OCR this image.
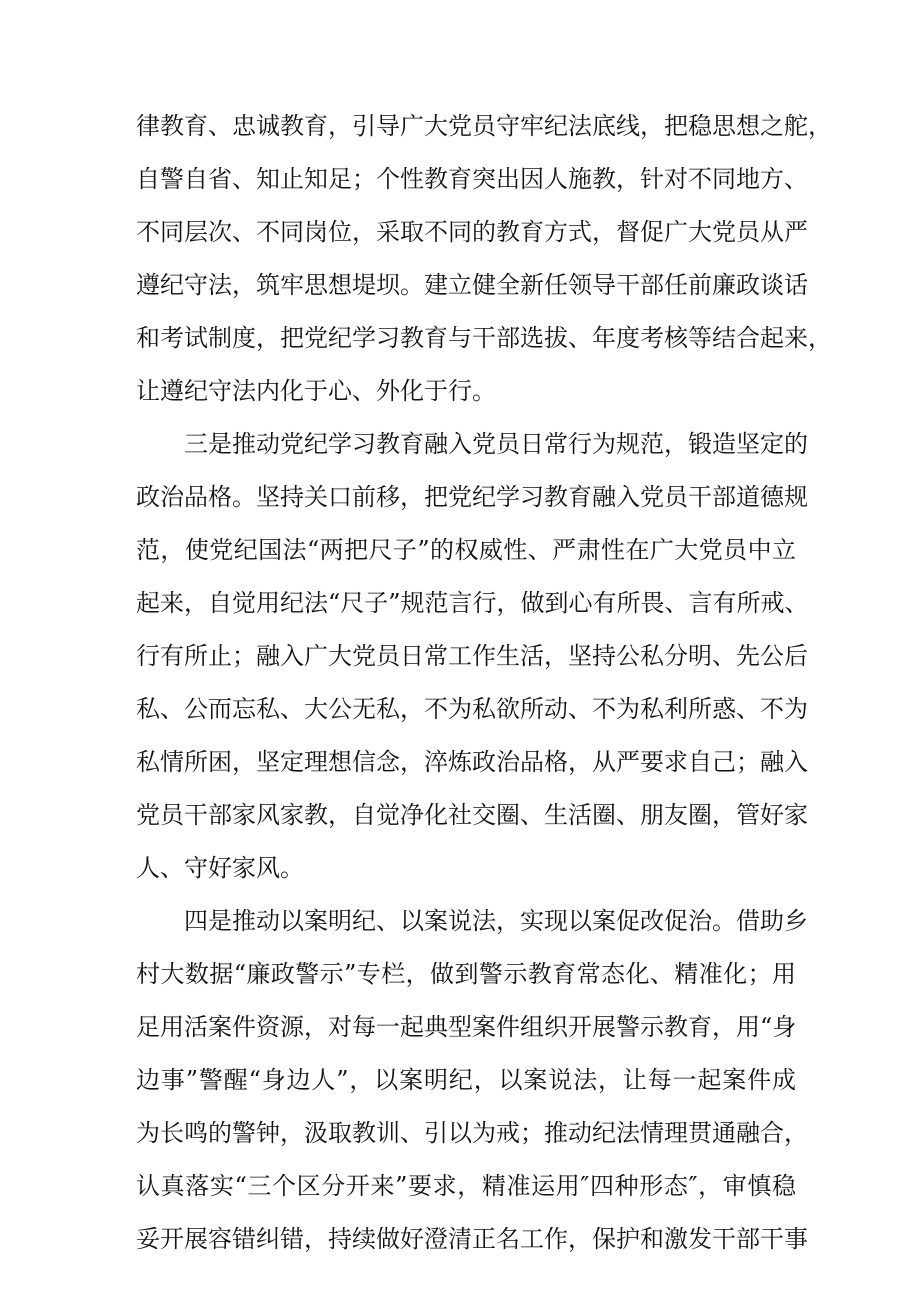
律教育、忠诚教育，引导广大党员守牢纪法底线，把稳思想之舵，
自警自省、知止知足；个性教育突出因人施教，针对不同地方、
不同层次、不同岗位，采取不同的教育方式，督促广大党员从严
遵纪守法，筑牢思想堤坝。建立健全新任领导干部任前廉政谈话
和考试制度，把党纪学习教育与干部选拔、年度考核等结合起来，
让遵纪守法内化于心、外化于行。
三是推动党纪学习教育融入党员日常行为规范，锻造坚定的
政治品格。坚持关口前移，把党纪学习教育融入党员干部道德规
范，使党纪国法“两把尺子”的权威性、严肃性在广大党员中立
起来，自觉用纪法“尺子”规范言行，做到心有所畏、言有所戒、
行有所止；融入广大党员日常工作生活，坚持公私分明、先公后
私、公而忘私、大公无私，不为私欲所动、不为私利所惑、不为
私情所困，坚定理想信念，淬炼政治品格，从严要求自己；融入
党员干部家风家教，自觉净化社交圈、生活圈、朋友圈，管好家
人、守好家风。
四是推动以案明纪、以案说法，实现以案促改促治。借助乡
村大数据“廉政警示”专栏，做到警示教育常态化、精准化；用
足用活案件资源，对每一起典型案件组织开展警示教育，用“身
边事”警醒“身边人”，以案明纪，以案说法，让每一起案件成
为长鸣的警钟，汲取教训、引以为戒；推动纪法情理贯通融合，
认真落实“三个区分开来”要求，精准运用″四种形态″，审慎稳
妥开展容错纠错，持续做好澄清正名工作，保护和激发干部干事
